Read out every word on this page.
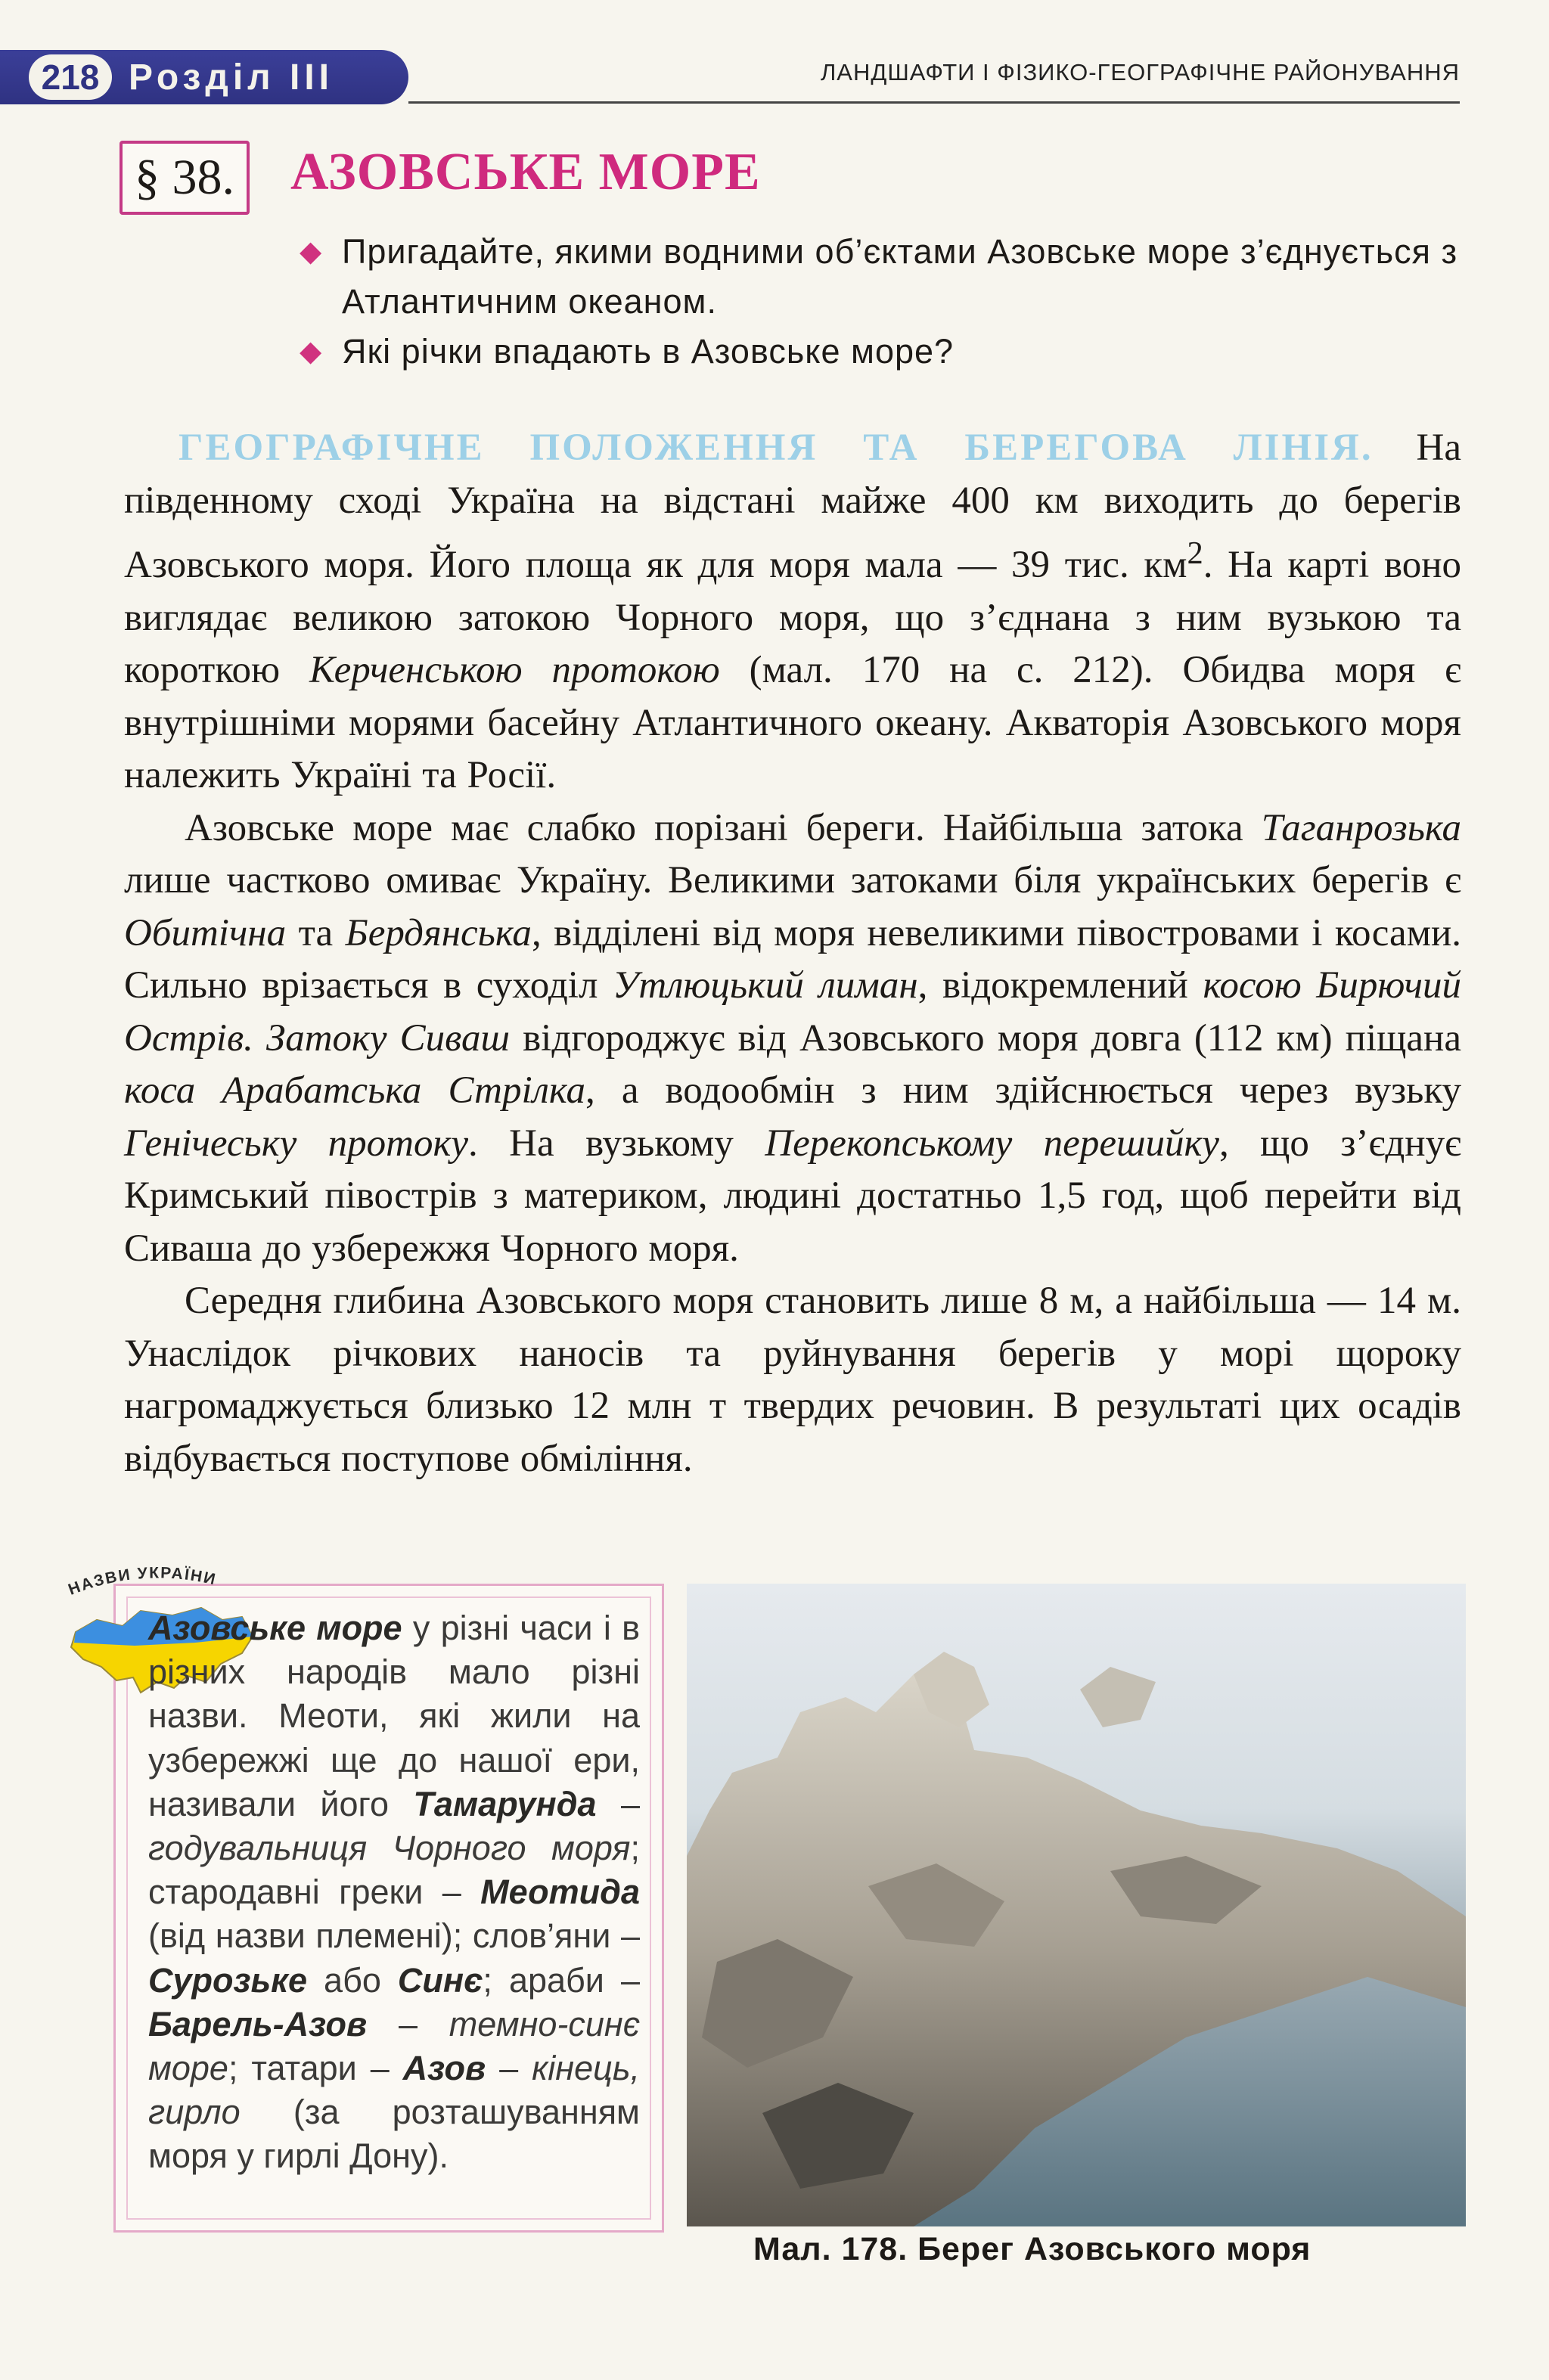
218 Розділ III	ЛАНДШАФТИ І ФІЗИКО-ГЕОГРАФІЧНЕ РАЙОНУВАННЯ
§ 38. АЗОВСЬКЕ МОРЕ
◆ Пригадайте, якими водними об’єктами Азовське море з’єднується з Атлантичним океаном.
◆ Які річки впадають в Азовське море?

ГЕОГРАФІЧНЕ ПОЛОЖЕННЯ ТА БЕРЕГОВА ЛІНІЯ. На південному сході Україна на відстані майже 400 км виходить до берегів Азовського моря. Його площа як для моря мала — 39 тис. $км^2$. На карті воно виглядає великою затокою Чорного моря, що з’єднана з ним вузькою та короткою Керченською протокою (мал. 170 на с. 212). Обидва моря є внутрішніми морями басейну Атлантичного океану. Акваторія Азовського моря належить Україні та Росії.

Азовське море має слабко порізані береги. Найбільша затока Таганрозька лише частково омиває Україну. Великими затоками біля українських берегів є Обитічна та Бердянська, відділені від моря невеликими півостровами і косами. Сильно врізається в суходіл Утлюцький лиман, відокремлений косою Бирючий Острів. Затоку Сиваш відгороджує від Азовського моря довга (112 км) піщана коса Арабатська Стрілка, а водообмін з ним здійснюється через вузьку Генічеську протоку. На вузькому Перекопському перешийку, що з’єднує Кримський півострів з материком, людині достатньо 1,5 год, щоб перейти від Сиваша до узбережжя Чорного моря.

Середня глибина Азовського моря становить лише 8 м, а найбільша — 14 м. Унаслідок річкових наносів та руйнування берегів у морі щороку нагромаджується близько 12 млн т твердих речовин. В результаті цих осадів відбувається поступове обміління.

НАЗВИ УКРАЇНИ
Азовське море у різні часи і в різних народів мало різні назви. Меоти, які жили на узбережжі ще до нашої ери, називали його Тамарунда – годувальниця Чорного моря; стародавні греки – Меотида (від назви племені); слов’яни – Сурозьке або Синє; араби – Барель-Азов – темно-синє море; татари – Азов – кінець, гирло (за розташуванням моря у гирлі Дону).
Мал. 178. Берег Азовського моря
